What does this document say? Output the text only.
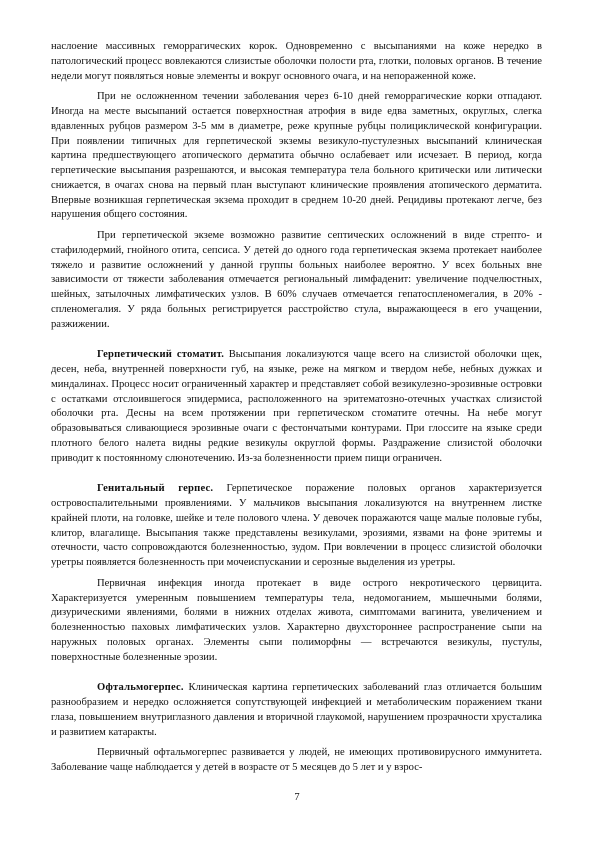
наслоение массивных геморрагических корок. Одновременно с высыпаниями на коже нередко в патологический процесс вовлекаются слизистые оболочки полости рта, глотки, половых органов. В течение недели могут появляться новые элементы и вокруг основного очага, и на непораженной коже.

При не осложненном течении заболевания через 6-10 дней геморрагические корки отпадают. Иногда на месте высыпаний остается поверхностная атрофия в виде едва заметных, округлых, слегка вдавленных рубцов размером 3-5 мм в диаметре, реже крупные рубцы полициклической конфигурации. При появлении типичных для герпетической экземы везикуло-пустулезных высыпаний клиническая картина предшествующего атопического дерматита обычно ослабевает или исчезает. В период, когда герпетические высыпания разрешаются, и высокая температура тела больного критически или литически снижается, в очагах снова на первый план выступают клинические проявления атопического дерматита. Впервые возникшая герпетическая экзема проходит в среднем 10-20 дней. Рецидивы протекают легче, без нарушения общего состояния.

При герпетической экземе возможно развитие септических осложнений в виде стрепто- и стафилодермий, гнойного отита, сепсиса. У детей до одного года герпетическая экзема протекает наиболее тяжело и развитие осложнений у данной группы больных наиболее вероятно. У всех больных вне зависимости от тяжести заболевания отмечается региональный лимфаденит: увеличение подчелюстных, шейных, затылочных лимфатических узлов. В 60% случаев отмечается гепатоспленомегалия, в 20% - спленомегалия. У ряда больных регистрируется расстройство стула, выражающееся в его учащении, разжижении.

Герпетический стоматит. Высыпания локализуются чаще всего на слизистой оболочки щек, десен, неба, внутренней поверхности губ, на языке, реже на мягком и твердом небе, небных дужках и миндалинах. Процесс носит ограниченный характер и представляет собой везикулезно-эрозивные островки с остатками отслоившегося эпидермиса, расположенного на эритематозно-отечных участках слизистой оболочки рта. Десны на всем протяжении при герпетическом стоматите отечны. На небе могут образовываться сливающиеся эрозивные очаги с фестончатыми контурами. При глоссите на языке среди плотного белого налета видны редкие везикулы округлой формы. Раздражение слизистой оболочки приводит к постоянному слюнотечению. Из-за болезненности прием пищи ограничен.

Генитальный герпес. Герпетическое поражение половых органов характеризуется островоспалительными проявлениями. У мальчиков высыпания локализуются на внутреннем листке крайней плоти, на головке, шейке и теле полового члена. У девочек поражаются чаще малые половые губы, клитор, влагалище. Высыпания также представлены везикулами, эрозиями, язвами на фоне эритемы и отечности, часто сопровождаются болезненностью, зудом. При вовлечении в процесс слизистой оболочки уретры появляется болезненность при мочеиспускании и серозные выделения из уретры.

Первичная инфекция иногда протекает в виде острого некротического цервицита. Характеризуется умеренным повышением температуры тела, недомоганием, мышечными болями, дизурическими явлениями, болями в нижних отделах живота, симптомами вагинита, увеличением и болезненностью паховых лимфатических узлов. Характерно двухстороннее распространение сыпи на наружных половых органах. Элементы сыпи полиморфны — встречаются везикулы, пустулы, поверхностные болезненные эрозии.

Офтальмогерпес. Клиническая картина герпетических заболеваний глаз отличается большим разнообразием и нередко осложняется сопутствующей инфекцией и метаболическим поражением ткани глаза, повышением внутриглазного давления и вторичной глаукомой, нарушением прозрачности хрусталика и развитием катаракты.

Первичный офтальмогерпес развивается у людей, не имеющих противовирусного иммунитета. Заболевание чаще наблюдается у детей в возрасте от 5 месяцев до 5 лет и у взрос-

7
